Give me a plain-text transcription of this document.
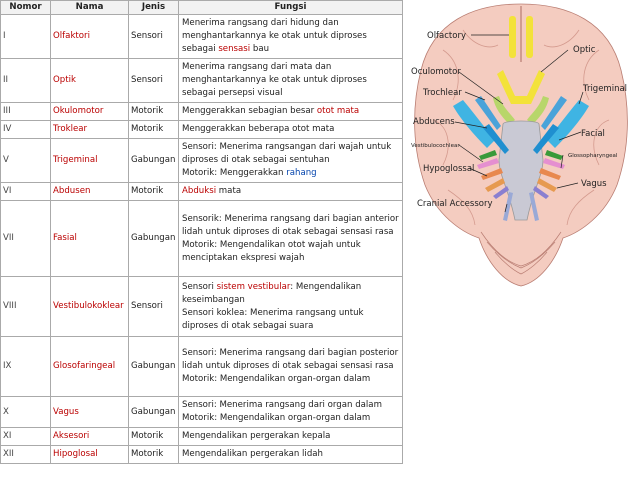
Nomor	Nama	Jenis	Fungsi
I	Olfaktori	Sensori	Menerima rangsang dari hidung dan menghantarkannya ke otak untuk diproses sebagai sensasi bau
II	Optik	Sensori	Menerima rangsang dari mata dan menghantarkannya ke otak untuk diproses sebagai persepsi visual
III	Okulomotor	Motorik	Menggerakkan sebagian besar otot mata
IV	Troklear	Motorik	Menggerakkan beberapa otot mata
V	Trigeminal	Gabungan	Sensori: Menerima rangsangan dari wajah untuk diproses di otak sebagai sentuhan
Motorik: Menggerakkan rahang
VI	Abdusen	Motorik	Abduksi mata
VII	Fasial	Gabungan	Sensorik: Menerima rangsang dari bagian anterior lidah untuk diproses di otak sebagai sensasi rasa
Motorik: Mengendalikan otot wajah untuk menciptakan ekspresi wajah
VIII	Vestibulokoklear	Sensori	Sensori sistem vestibular: Mengendalikan keseimbangan
Sensori koklea: Menerima rangsang untuk diproses di otak sebagai suara
IX	Glosofaringeal	Gabungan	Sensori: Menerima rangsang dari bagian posterior lidah untuk diproses di otak sebagai sensasi rasa
Motorik: Mengendalikan organ-organ dalam
X	Vagus	Gabungan	Sensori: Menerima rangsang dari organ dalam
Motorik: Mengendalikan organ-organ dalam
XI	Aksesori	Motorik	Mengendalikan pergerakan kepala
XII	Hipoglosal	Motorik	Mengendalikan pergerakan lidah
Olfactory
Optic
Oculomotor
Trochlear	Trigeminal
Abducens
Facial
Vestibulocochlear
Glossopharyngeal
Hypoglossal
Vagus
Cranial Accessory
